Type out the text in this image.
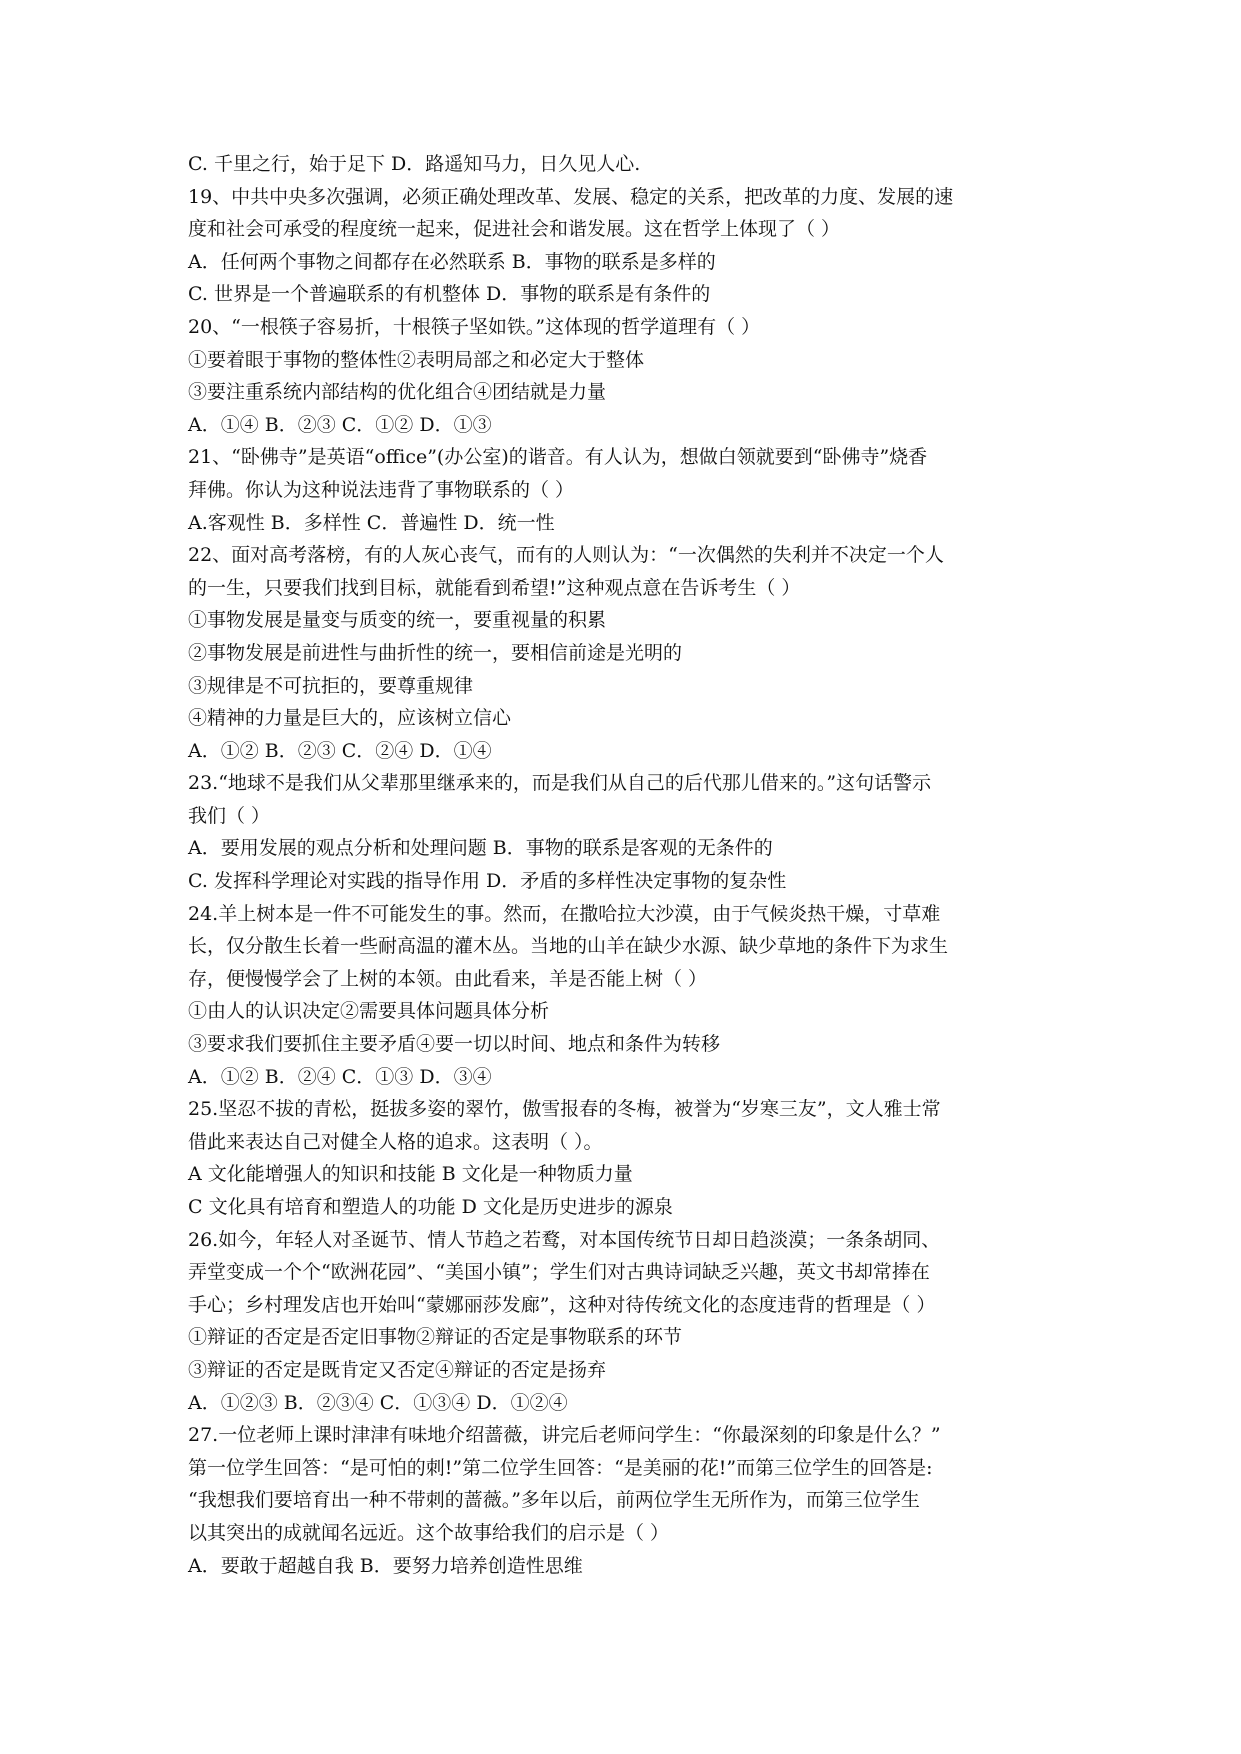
C. 千里之行，始于足下 D．路遥知马力，日久见人心.
19、中共中央多次强调，必须正确处理改革、发展、稳定的关系，把改革的力度、发展的速
度和社会可承受的程度统一起来，促进社会和谐发展。这在哲学上体现了（ ）
A．任何两个事物之间都存在必然联系 B．事物的联系是多样的
C. 世界是一个普遍联系的有机整体 D．事物的联系是有条件的
20、“一根筷子容易折，十根筷子坚如铁。”这体现的哲学道理有（ ）
①要着眼于事物的整体性②表明局部之和必定大于整体
③要注重系统内部结构的优化组合④团结就是力量
A．①④ B．②③ C．①② D．①③
21、“卧佛寺”是英语“office”(办公室)的谐音。有人认为，想做白领就要到“卧佛寺”烧香
拜佛。你认为这种说法违背了事物联系的（ ）
A.客观性 B．多样性 C．普遍性 D．统一性
22、面对高考落榜，有的人灰心丧气，而有的人则认为：“一次偶然的失利并不决定一个人
的一生，只要我们找到目标，就能看到希望!”这种观点意在告诉考生（ ）
①事物发展是量变与质变的统一，要重视量的积累
②事物发展是前进性与曲折性的统一，要相信前途是光明的
③规律是不可抗拒的，要尊重规律
④精神的力量是巨大的，应该树立信心
A．①② B．②③ C．②④ D．①④
23.“地球不是我们从父辈那里继承来的，而是我们从自己的后代那儿借来的。”这句话警示
我们（ ）
A．要用发展的观点分析和处理问题 B．事物的联系是客观的无条件的
C. 发挥科学理论对实践的指导作用 D．矛盾的多样性决定事物的复杂性
24.羊上树本是一件不可能发生的事。然而，在撒哈拉大沙漠，由于气候炎热干燥，寸草难
长，仅分散生长着一些耐高温的灌木丛。当地的山羊在缺少水源、缺少草地的条件下为求生
存，便慢慢学会了上树的本领。由此看来，羊是否能上树（ ）
①由人的认识决定②需要具体问题具体分析
③要求我们要抓住主要矛盾④要一切以时间、地点和条件为转移
A．①② B．②④ C．①③ D．③④
25.坚忍不拔的青松，挺拔多姿的翠竹，傲雪报春的冬梅，被誉为“岁寒三友”，文人雅士常
借此来表达自己对健全人格的追求。这表明（ ）。
A 文化能增强人的知识和技能 B 文化是一种物质力量
C 文化具有培育和塑造人的功能 D 文化是历史进步的源泉
26.如今，年轻人对圣诞节、情人节趋之若鹜，对本国传统节日却日趋淡漠；一条条胡同、
弄堂变成一个个“欧洲花园”、“美国小镇”；学生们对古典诗词缺乏兴趣，英文书却常捧在
手心；乡村理发店也开始叫“蒙娜丽莎发廊”，这种对待传统文化的态度违背的哲理是（ ）
①辩证的否定是否定旧事物②辩证的否定是事物联系的环节
③辩证的否定是既肯定又否定④辩证的否定是扬弃
A．①②③ B．②③④ C．①③④ D．①②④
27.一位老师上课时津津有味地介绍蔷薇，讲完后老师问学生：“你最深刻的印象是什么？”
第一位学生回答：“是可怕的刺!”第二位学生回答：“是美丽的花!”而第三位学生的回答是:
“我想我们要培育出一种不带刺的蔷薇。”多年以后，前两位学生无所作为，而第三位学生
以其突出的成就闻名远近。这个故事给我们的启示是（ ）
A．要敢于超越自我 B．要努力培养创造性思维
